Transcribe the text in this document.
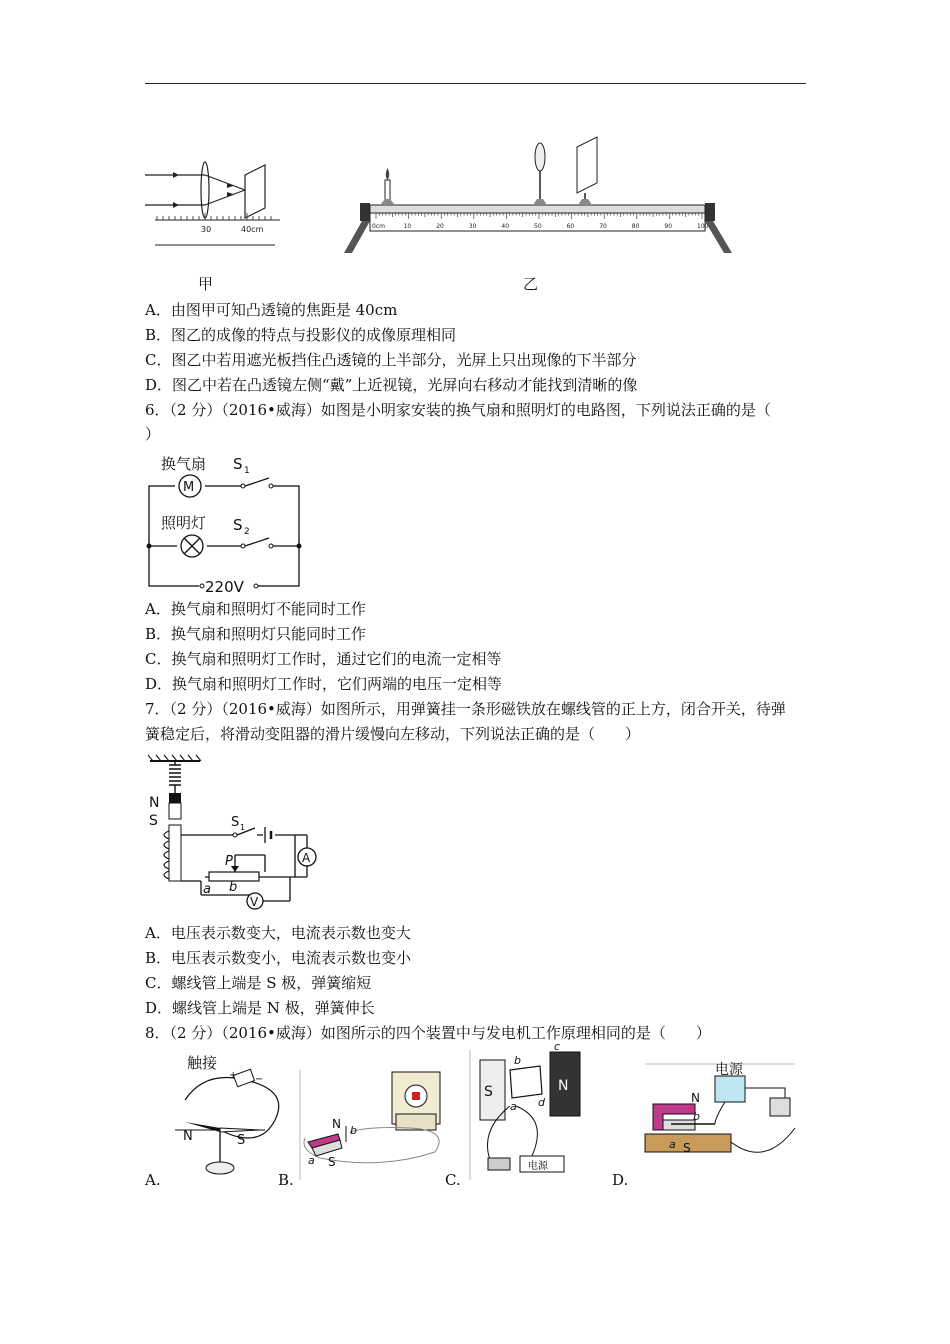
30	40cm
甲
0cm	10	20	30	40	50	60	70	80	90	100
乙
A．由图甲可知凸透镜的焦距是 40cm
B．图乙的成像的特点与投影仪的成像原理相同
C．图乙中若用遮光板挡住凸透镜的上半部分，光屏上只出现像的下半部分
D．图乙中若在凸透镜左侧“戴”上近视镜，光屏向右移动才能找到清晰的像
6．（2 分）（2016•威海）如图是小明家安装的换气扇和照明灯的电路图，下列说法正确的是（
）
M
220V
换气扇 S 1
照明灯 S 2
A．换气扇和照明灯不能同时工作
B．换气扇和照明灯只能同时工作
C．换气扇和照明灯工作时，通过它们的电流一定相等
D．换气扇和照明灯工作时，它们两端的电压一定相等
7．（2 分）（2016•威海）如图所示，用弹簧挂一条形磁铁放在螺线管的正上方，闭合开关，待弹
簧稳定后，将滑动变阻器的滑片缓慢向左移动，下列说法正确的是（　　）
N
S	S 1
A
P
a b
V
A．电压表示数变大，电流表示数也变大
B．电压表示数变小，电流表示数也变小
C．螺线管上端是 S 极，弹簧缩短
D．螺线管上端是 N 极，弹簧伸长
8．（2 分）（2016•威海）如图所示的四个装置中与发电机工作原理相同的是（　　）
触接
+ −
N	S
N b
a S
S	N
b
c
a d
电源
电源
N
b
a S
A.	B.	C.	D.
